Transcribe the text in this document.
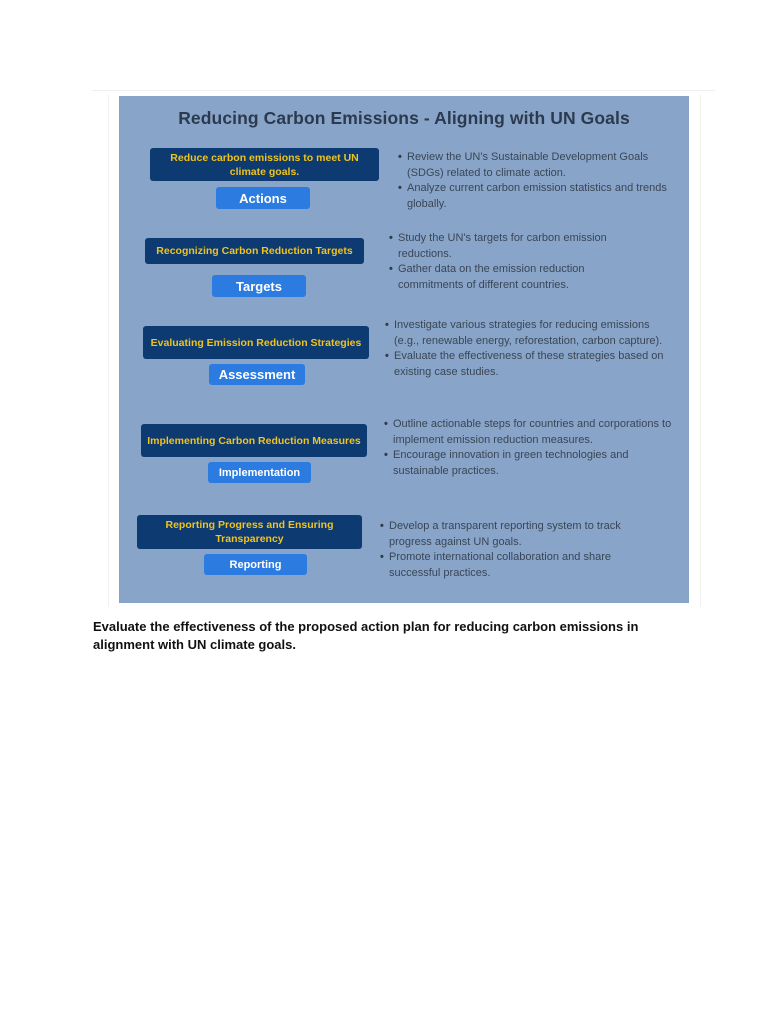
Reducing Carbon Emissions - Aligning with UN Goals
Reduce carbon emissions to meet UN climate goals.
Actions
• Review the UN's Sustainable Development Goals (SDGs) related to climate action.
• Analyze current carbon emission statistics and trends globally.
Recognizing Carbon Reduction Targets
Targets
• Study the UN's targets for carbon emission reductions.
• Gather data on the emission reduction commitments of different countries.
Evaluating Emission Reduction Strategies
Assessment
• Investigate various strategies for reducing emissions (e.g., renewable energy, reforestation, carbon capture).
• Evaluate the effectiveness of these strategies based on existing case studies.
Implementing Carbon Reduction Measures
Implementation
• Outline actionable steps for countries and corporations to implement emission reduction measures.
• Encourage innovation in green technologies and sustainable practices.
Reporting Progress and Ensuring Transparency
Reporting
• Develop a transparent reporting system to track progress against UN goals.
• Promote international collaboration and share successful practices.
Evaluate the effectiveness of the proposed action plan for reducing carbon emissions in alignment with UN climate goals.
